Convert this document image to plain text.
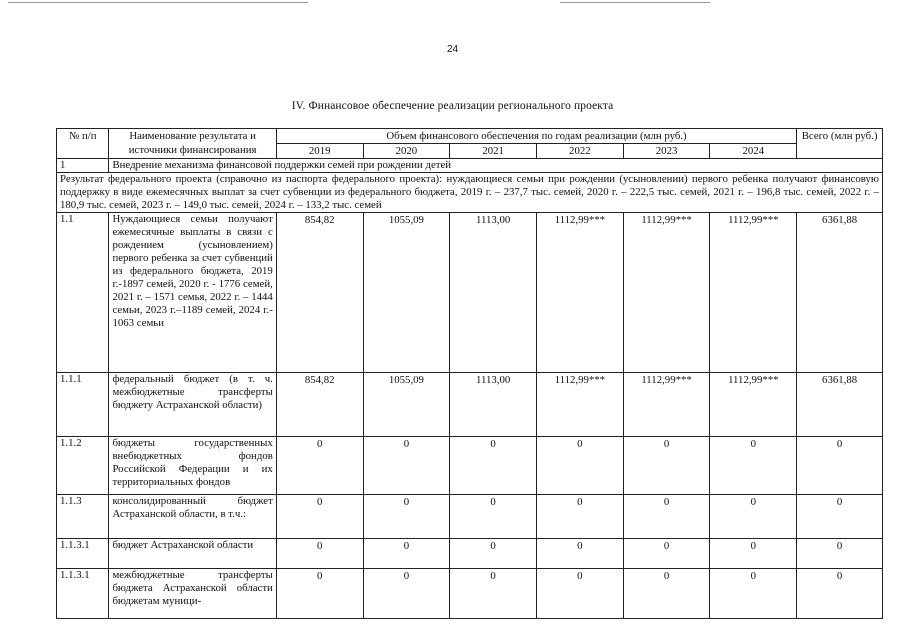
24
IV. Финансовое обеспечение реализации регионального проекта
№ п/п	Наименование результата и источники финансирования	Объем финансового обеспечения по годам реализации (млн руб.)						Всего (млн руб.)
		2019	2020	2021	2022	2023	2024	
1	Внедрение механизма финансовой поддержки семей при рождении детей							
Результат федерального проекта (справочно из паспорта федерального проекта): нуждающиеся семьи при рождении (усыновлении) первого ребенка получают финансовую поддержку в виде ежемесячных выплат за счет субвенции из федерального бюджета, 2019 г. – 237,7 тыс. семей, 2020 г. – 222,5 тыс. семей, 2021 г. – 196,8 тыс. семей, 2022 г. – 180,9 тыс. семей, 2023 г. – 149,0 тыс. семей, 2024 г. – 133,2 тыс. семей								
1.1	Нуждающиеся семьи получают ежемесячные выплаты в связи с рождением (усыновлением) первого ребенка за счет субвенций из федерального бюджета, 2019 г.-1897 семей, 2020 г. - 1776 семей, 2021 г. – 1571 семья, 2022 г. – 1444 семьи, 2023 г.–1189 семей, 2024 г.- 1063 семьи	854,82	1055,09	1113,00	1112,99***	1112,99***	1112,99***	6361,88
1.1.1	федеральный бюджет (в т. ч. межбюджетные трансферты бюджету Астраханской области)	854,82	1055,09	1113,00	1112,99***	1112,99***	1112,99***	6361,88
1.1.2	бюджеты государственных внебюджетных фондов Российской Федерации и их территориальных фондов	0	0	0	0	0	0	0
1.1.3	консолидированный бюджет Астраханской области, в т.ч.:	0	0	0	0	0	0	0
1.1.3.1	бюджет Астраханской области	0	0	0	0	0	0	0
1.1.3.1	межбюджетные трансферты бюджета Астраханской области бюджетам муници-	0	0	0	0	0	0	0
